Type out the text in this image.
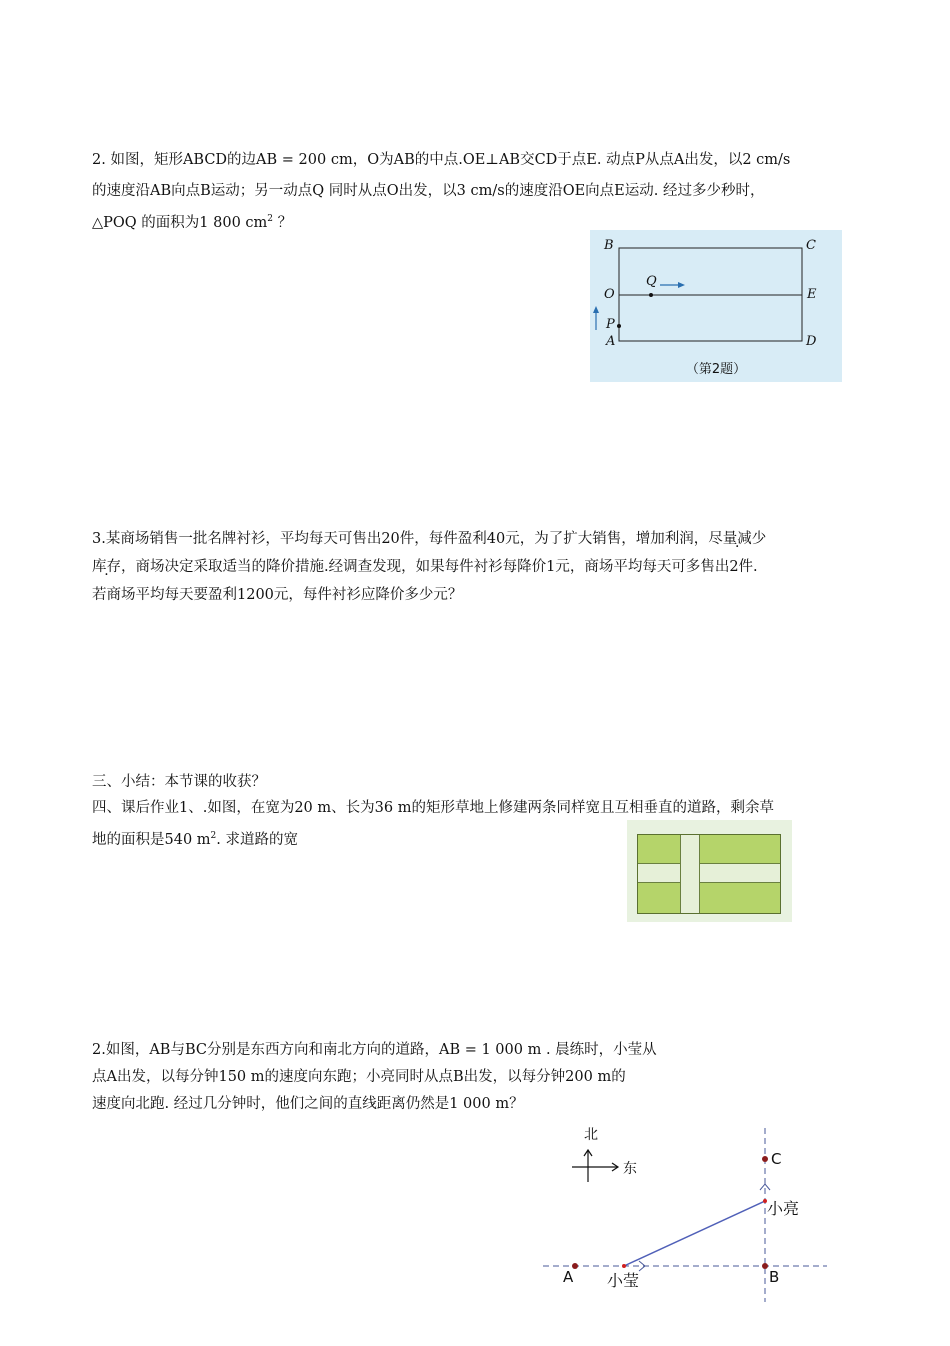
2. 如图，矩形ABCD的边AB = 200 cm，O为AB的中点.OE⊥AB交CD于点E. 动点P从点A出发，以2 cm/s
的速度沿AB向点B运动；另一动点Q 同时从点O出发，以3 cm/s的速度沿OE向点E运动. 经过多少秒时，
△POQ 的面积为1 800 $cm^2$ ？
B	C
O
Q
E
P
A	D
（第2题）
3.某商场销售一批名牌衬衫，平均每天可售出20件，每件盈利40元，为了扩大销售，增加利润，尽量减少
库存，商场决定采取适当的降价措施.经调查发现，如果每件衬衫每降价1元，商场平均每天可多售出2件.
若商场平均每天要盈利1200元，每件衬衫应降价多少元？
三、小结：本节课的收获？
四、课后作业1、.如图，在宽为20 m、长为36 m的矩形草地上修建两条同样宽且互相垂直的道路，剩余草
地的面积是540 $m^2$. 求道路的宽
2.如图，AB与BC分别是东西方向和南北方向的道路，AB = 1 000 m . 晨练时，小莹从
点A出发，以每分钟150 m的速度向东跑；小亮同时从点B出发，以每分钟200 m的
速度向北跑. 经过几分钟时，他们之间的直线距离仍然是1 000 m？
北
东
A	B
C
小莹
小亮
